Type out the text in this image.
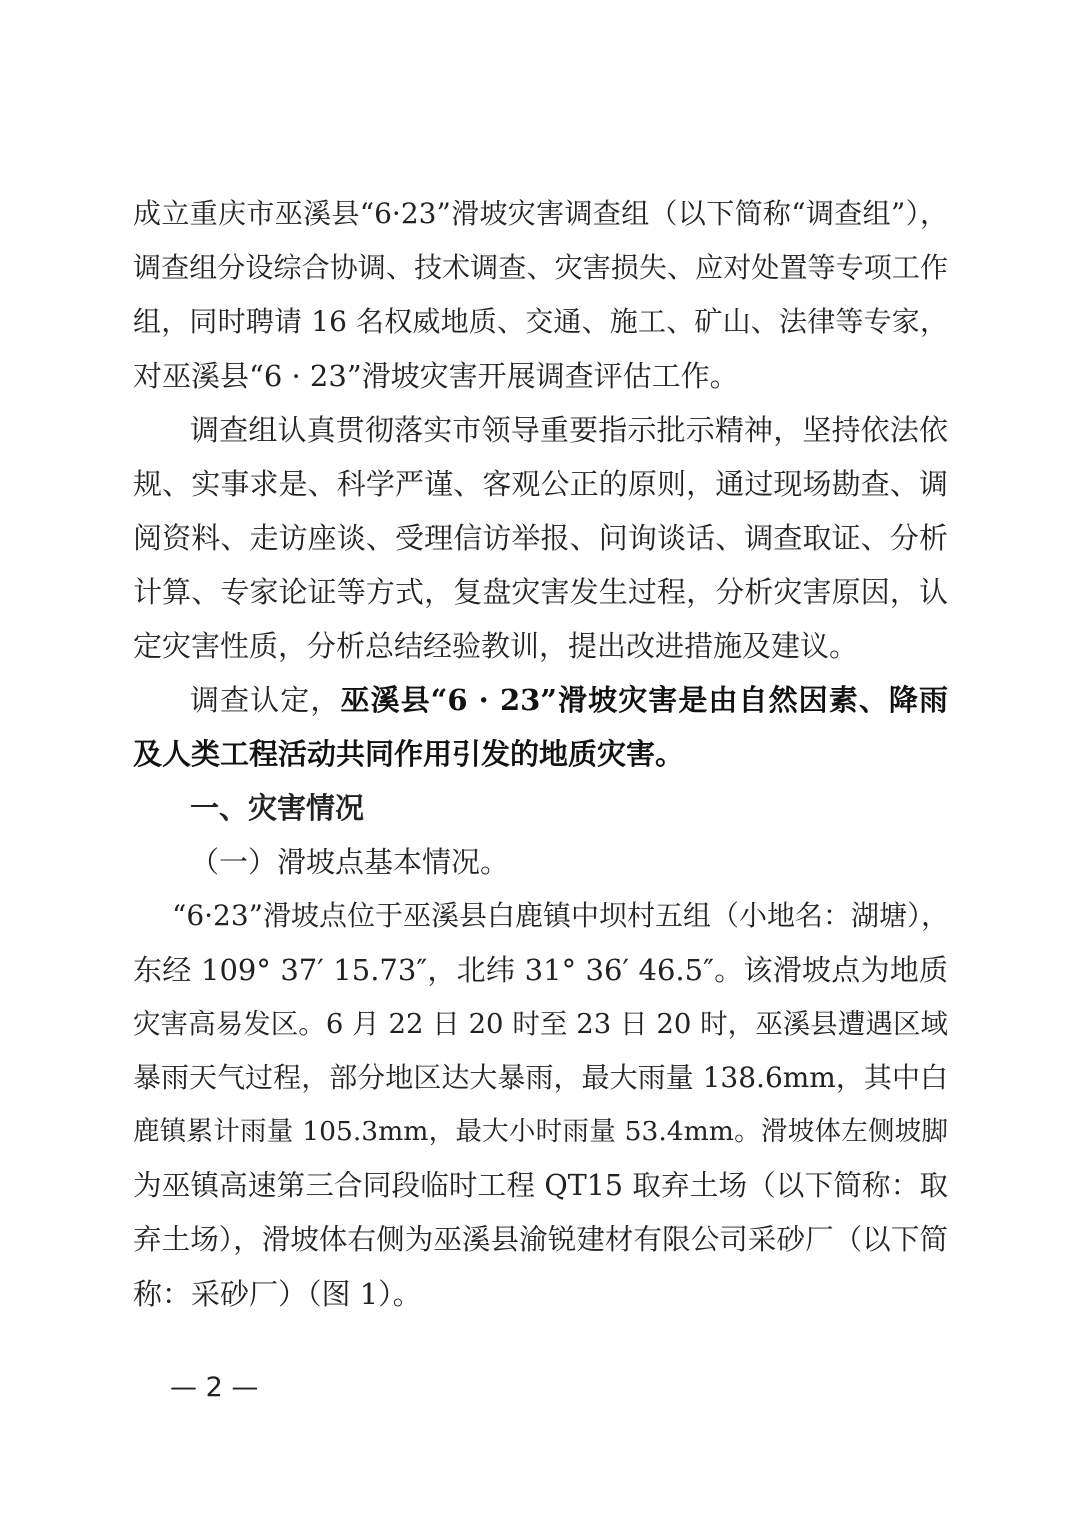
成立重庆市巫溪县“6·23”滑坡灾害调查组（以下简称“调查组”），
调查组分设综合协调、技术调查、灾害损失、应对处置等专项工作
组，同时聘请 16 名权威地质、交通、施工、矿山、法律等专家，
对巫溪县“6 · 23”滑坡灾害开展调查评估工作。
调查组认真贯彻落实市领导重要指示批示精神，坚持依法依
规、实事求是、科学严谨、客观公正的原则，通过现场勘查、调
阅资料、走访座谈、受理信访举报、问询谈话、调查取证、分析
计算、专家论证等方式，复盘灾害发生过程，分析灾害原因，认
定灾害性质，分析总结经验教训，提出改进措施及建议。
调查认定，巫溪县“6 · 23”滑坡灾害是由自然因素、降雨
及人类工程活动共同作用引发的地质灾害。
一、灾害情况
（一）滑坡点基本情况。
“6·23”滑坡点位于巫溪县白鹿镇中坝村五组（小地名：湖塘），
东经 109° 37′ 15.73″，北纬 31° 36′ 46.5″。该滑坡点为地质
灾害高易发区。6 月 22 日 20 时至 23 日 20 时，巫溪县遭遇区域
暴雨天气过程，部分地区达大暴雨，最大雨量 138.6mm，其中白
鹿镇累计雨量 105.3mm，最大小时雨量 53.4mm。滑坡体左侧坡脚
为巫镇高速第三合同段临时工程 QT15 取弃土场（以下简称：取
弃土场），滑坡体右侧为巫溪县渝锐建材有限公司采砂厂（以下简
称：采砂厂）（图 1）。
— 2 —
